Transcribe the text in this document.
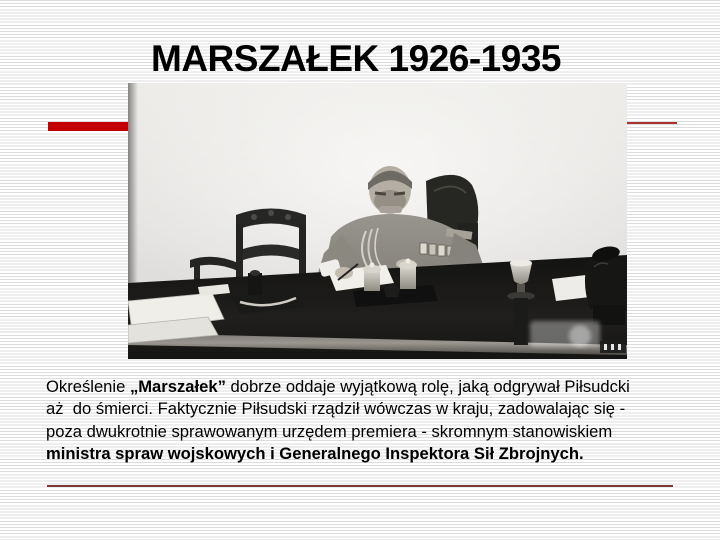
MARSZAŁEK 1926-1935
Określenie „Marszałek” dobrze oddaje wyjątkową rolę, jaką odgrywał Piłsudcki
aż  do śmierci. Faktycznie Piłsudski rządził wówczas w kraju, zadowalając się -
poza dwukrotnie sprawowanym urzędem premiera - skromnym stanowiskiem
ministra spraw wojskowych i Generalnego Inspektora Sił Zbrojnych.
